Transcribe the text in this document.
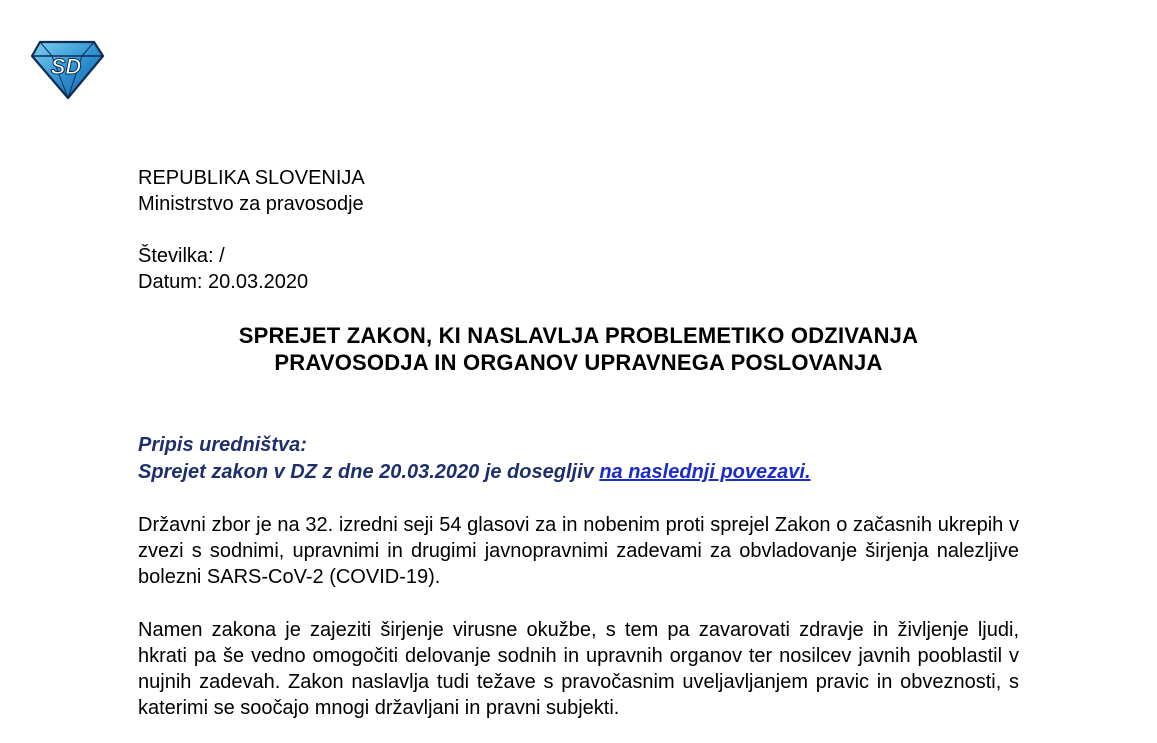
SD
REPUBLIKA SLOVENIJA
Ministrstvo za pravosodje
Številka: /
Datum: 20.03.2020
SPREJET ZAKON, KI NASLAVLJA PROBLEMETIKO ODZIVANJA
PRAVOSODJA IN ORGANOV UPRAVNEGA POSLOVANJA
Pripis uredništva:
Sprejet zakon v DZ z dne 20.03.2020 je dosegljiv na naslednji povezavi.
Državni zbor je na 32. izredni seji 54 glasovi za in nobenim proti sprejel Zakon o začasnih ukrepih v zvezi s sodnimi, upravnimi in drugimi javnopravnimi zadevami za obvladovanje širjenja nalezljive bolezni SARS-CoV-2 (COVID-19).
Namen zakona je zajeziti širjenje virusne okužbe, s tem pa zavarovati zdravje in življenje ljudi, hkrati pa še vedno omogočiti delovanje sodnih in upravnih organov ter nosilcev javnih pooblastil v nujnih zadevah. Zakon naslavlja tudi težave s pravočasnim uveljavljanjem pravic in obveznosti, s katerimi se soočajo mnogi državljani in pravni subjekti.
